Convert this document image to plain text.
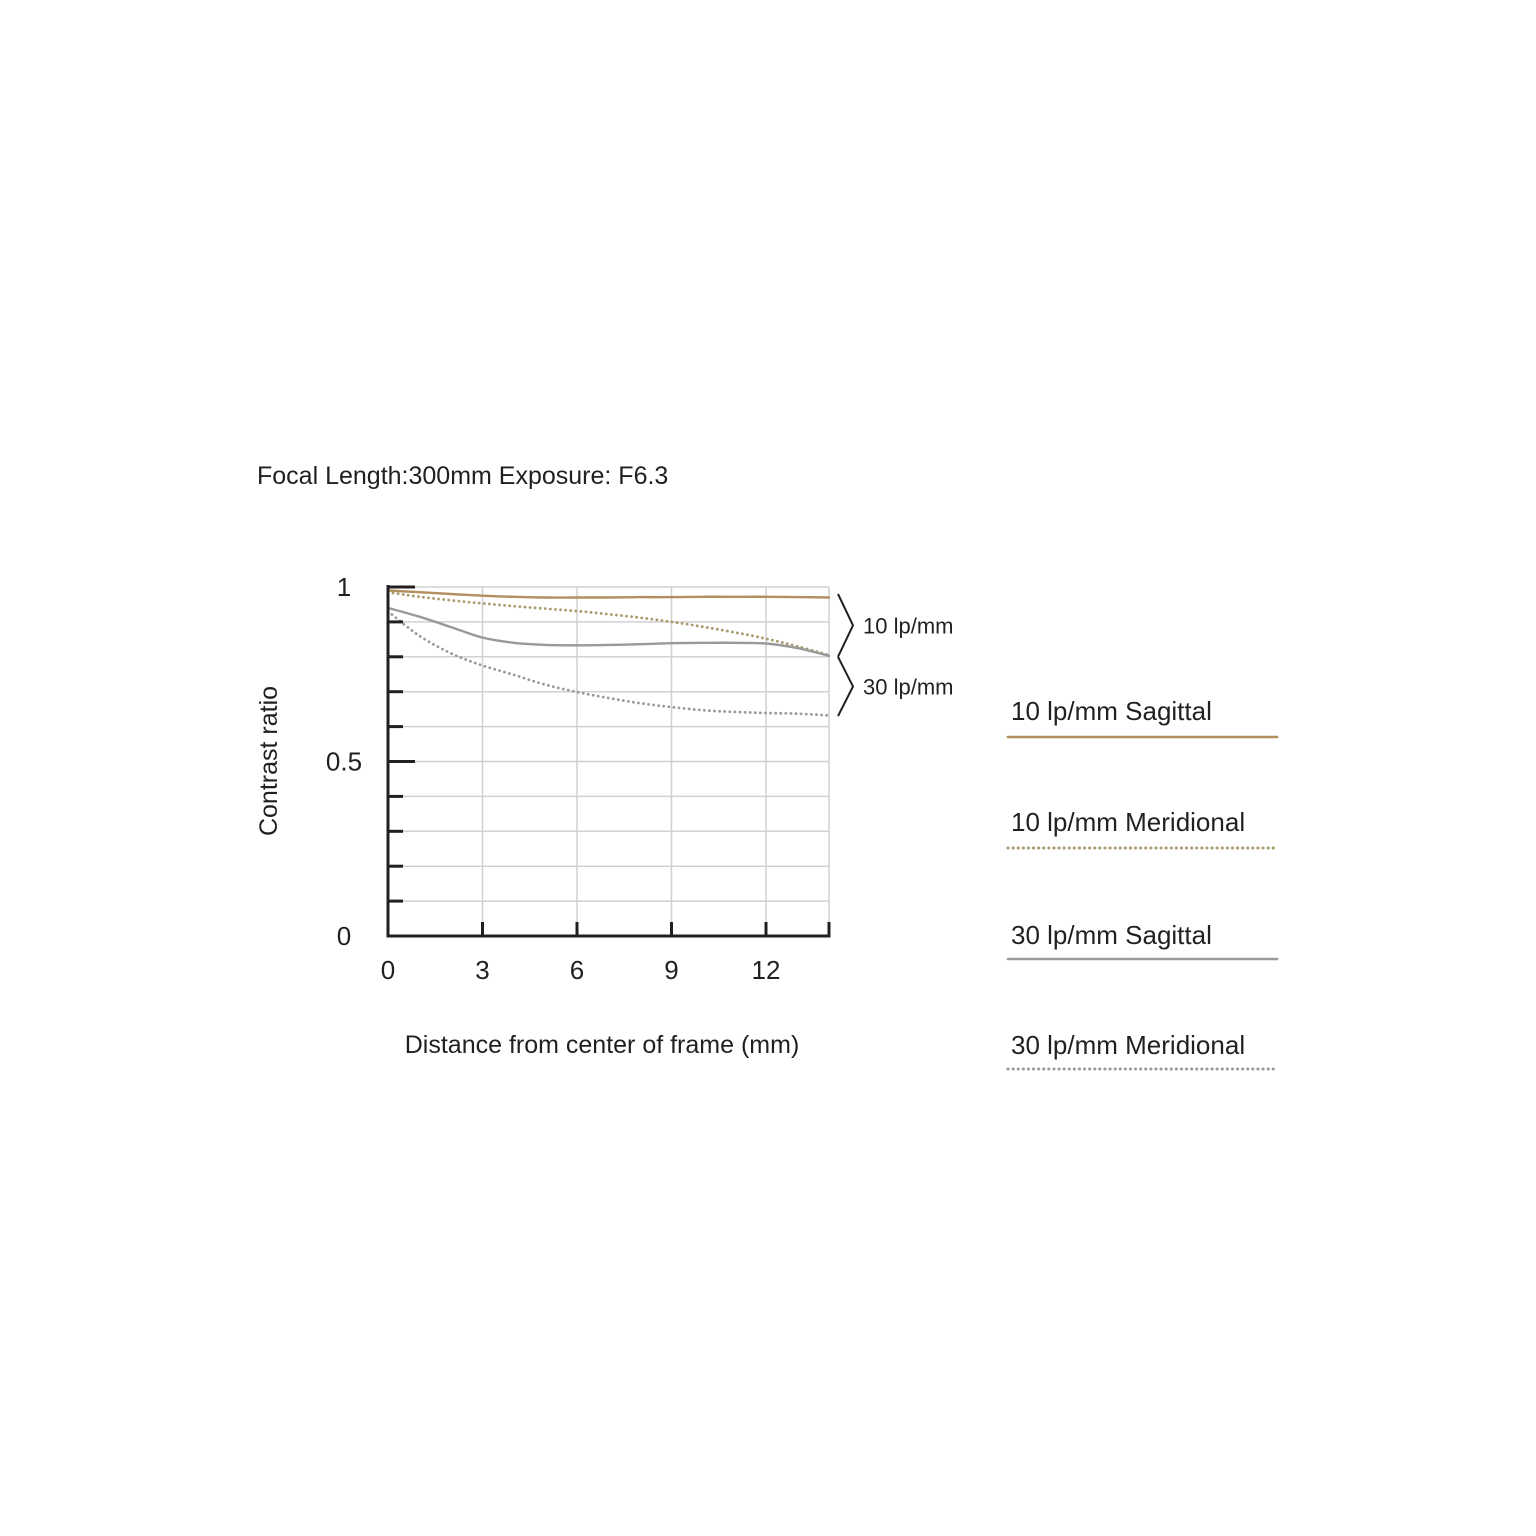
Focal Length:300mm Exposure: F6.3
Contrast ratio
Distance from center of frame (mm)
0	3	6	9	12
0
0.5
1
10 lp/mm
30 lp/mm
10 lp/mm Sagittal
10 lp/mm Meridional
30 lp/mm Sagittal
30 lp/mm Meridional
